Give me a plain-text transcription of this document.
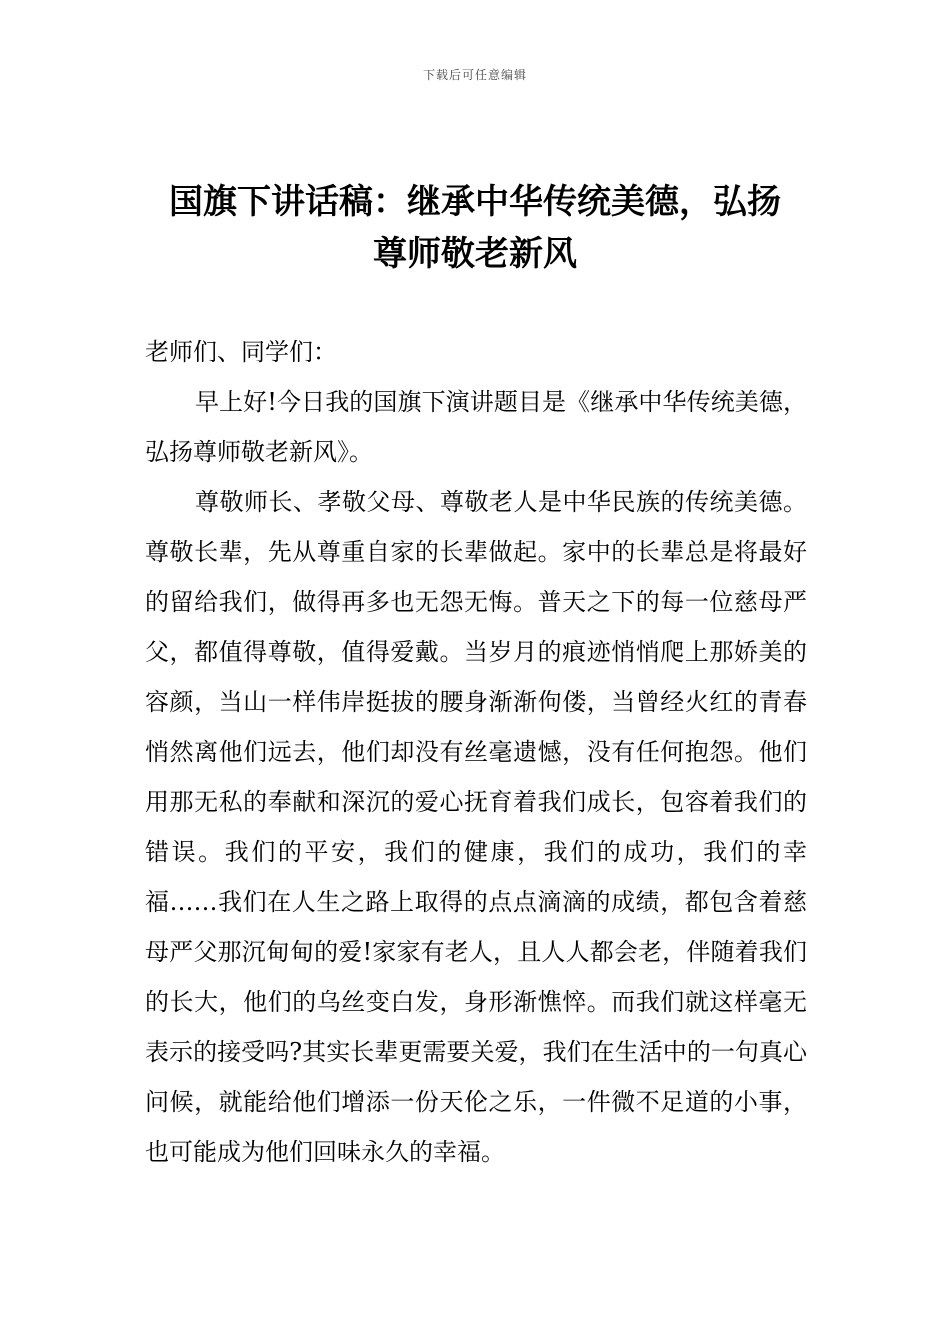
下载后可任意编辑
国旗下讲话稿：继承中华传统美德，弘扬
尊师敬老新风

老师们、同学们：

早上好!今日我的国旗下演讲题目是《继承中华传统美德，弘扬尊师敬老新风》。

尊敬师长、孝敬父母、尊敬老人是中华民族的传统美德。尊敬长辈，先从尊重自家的长辈做起。家中的长辈总是将最好的留给我们，做得再多也无怨无悔。普天之下的每一位慈母严父，都值得尊敬，值得爱戴。当岁月的痕迹悄悄爬上那娇美的容颜，当山一样伟岸挺拔的腰身渐渐佝偻，当曾经火红的青春悄然离他们远去，他们却没有丝毫遗憾，没有任何抱怨。他们用那无私的奉献和深沉的爱心抚育着我们成长，包容着我们的错误。我们的平安，我们的健康，我们的成功，我们的幸福……我们在人生之路上取得的点点滴滴的成绩，都包含着慈母严父那沉甸甸的爱!家家有老人，且人人都会老，伴随着我们的长大，他们的乌丝变白发，身形渐憔悴。而我们就这样毫无表示的接受吗?其实长辈更需要关爱，我们在生活中的一句真心问候，就能给他们增添一份天伦之乐，一件微不足道的小事，也可能成为他们回味永久的幸福。
